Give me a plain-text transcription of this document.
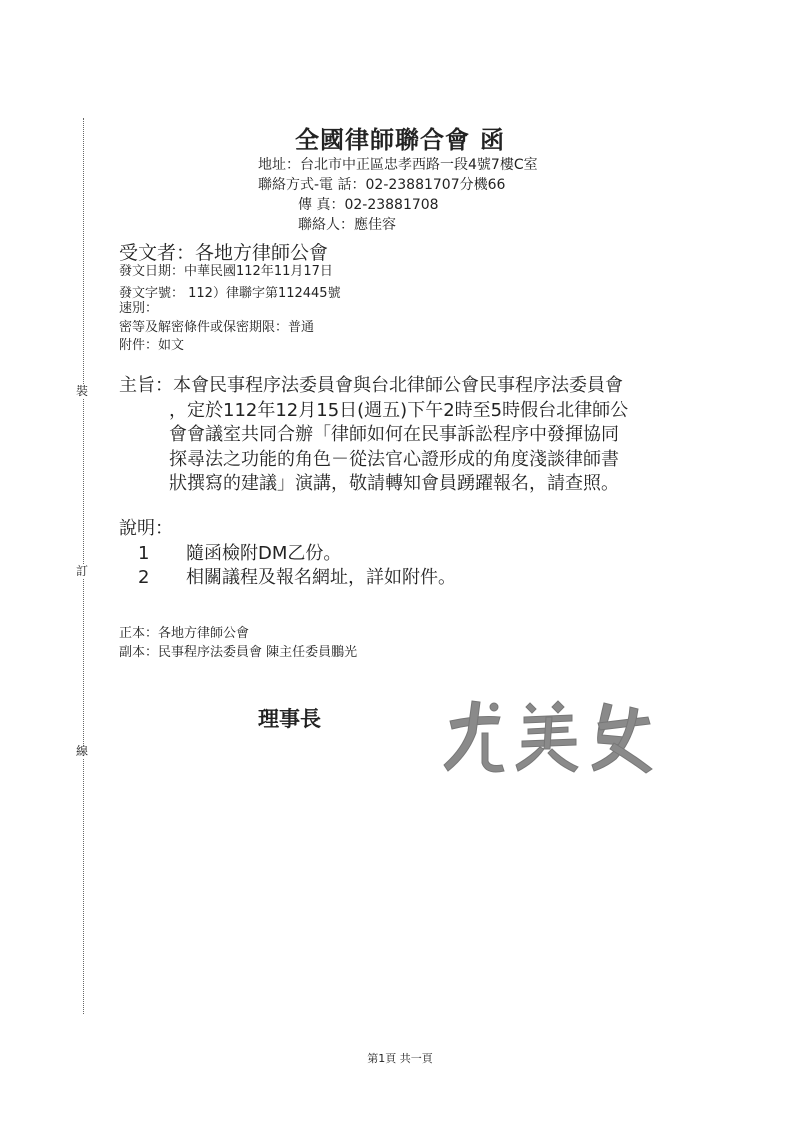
裝
訂
線
全國律師聯合會 函
地址：台北市中正區忠孝西路一段4號7樓C室
聯絡方式-電 話：02-23881707分機66
傳 真：02-23881708
聯絡人：應佳容
受文者：各地方律師公會
發文日期：中華民國112年11月17日
發文字號： 112）律聯字第112445號
速別：
密等及解密條件或保密期限：普通
附件：如文
主旨：本會民事程序法委員會與台北律師公會民事程序法委員會
，定於112年12月15日(週五)下午2時至5時假台北律師公
會會議室共同合辦「律師如何在民事訴訟程序中發揮協同
探尋法之功能的角色－從法官心證形成的角度淺談律師書
狀撰寫的建議」演講，敬請轉知會員踴躍報名，請查照。
說明：
1 隨函檢附DM乙份。
2 相關議程及報名網址，詳如附件。
正本：各地方律師公會
副本：民事程序法委員會 陳主任委員鵬光
理事長
第1頁 共一頁
